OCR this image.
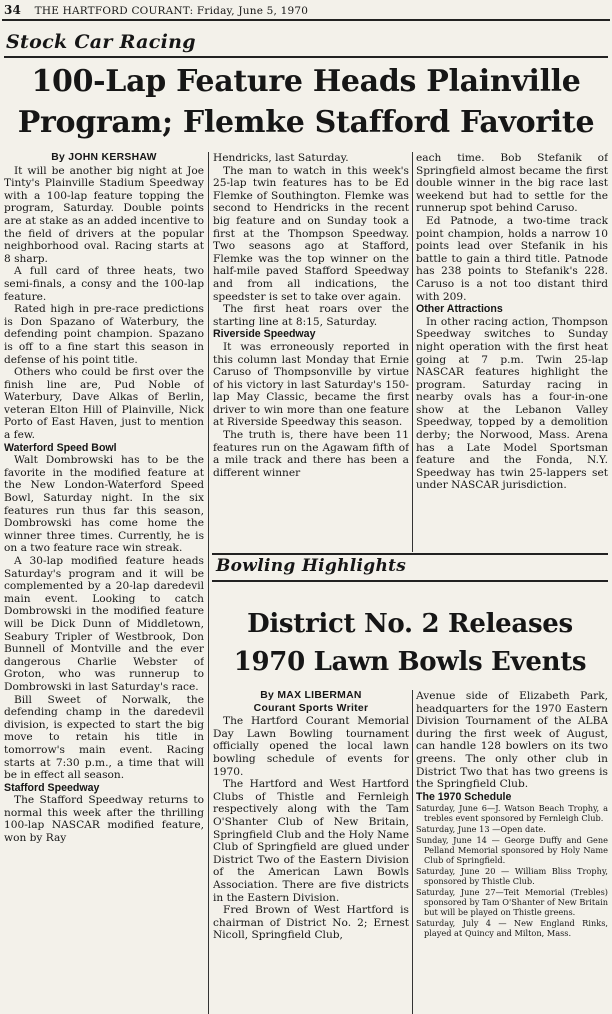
34 THE HARTFORD COURANT: Friday, June 5, 1970
Stock Car Racing
100-Lap Feature Heads Plainville
Program; Flemke Stafford Favorite

By JOHN KERSHAW

It will be another big night at Joe Tinty's Plainville Stadium Speedway with a 100-lap feature topping the program, Saturday. Double points are at stake as an added incentive to the field of drivers at the popular neighborhood oval. Racing starts at 8 sharp.

A full card of three heats, two semi-finals, a consy and the 100-lap feature.

Rated high in pre-race predictions is Don Spazano of Waterbury, the defending point champion. Spazano is off to a fine start this season in defense of his point title.

Others who could be first over the finish line are, Pud Noble of Waterbury, Dave Alkas of Berlin, veteran Elton Hill of Plainville, Nick Porto of East Haven, just to mention a few.

Waterford Speed Bowl

Walt Dombrowski has to be the favorite in the modified feature at the New London-Waterford Speed Bowl, Saturday night. In the six features run thus far this season, Dombrowski has come home the winner three times. Currently, he is on a two feature race win streak.

A 30-lap modified feature heads Saturday's program and it will be complemented by a 20-lap daredevil main event. Looking to catch Dombrowski in the modified feature will be Dick Dunn of Middletown, Seabury Tripler of Westbrook, Don Bunnell of Montville and the ever dangerous Charlie Webster of Groton, who was runnerup to Dombrowski in last Saturday's race.

Bill Sweet of Norwalk, the defending champ in the daredevil division, is expected to start the big move to retain his title in tomorrow's main event. Racing starts at 7:30 p.m., a time that will be in effect all season.

Stafford Speedway

The Stafford Speedway returns to normal this week after the thrilling 100-lap NASCAR modified feature, won by Ray

Hendricks, last Saturday.

The man to watch in this week's 25-lap twin features has to be Ed Flemke of Southington. Flemke was second to Hendricks in the recent big feature and on Sunday took a first at the Thompson Speedway. Two seasons ago at Stafford, Flemke was the top winner on the half-mile paved Stafford Speedway and from all indications, the speedster is set to take over again.

The first heat roars over the starting line at 8:15, Saturday.

Riverside Speedway

It was erroneously reported in this column last Monday that Ernie Caruso of Thompsonville by virtue of his victory in last Saturday's 150-lap May Classic, became the first driver to win more than one feature at Riverside Speedway this season.

The truth is, there have been 11 features run on the Agawam fifth of a mile track and there has been a different winner

each time. Bob Stefanik of Springfield almost became the first double winner in the big race last weekend but had to settle for the runnerup spot behind Caruso.

Ed Patnode, a two-time track point champion, holds a narrow 10 points lead over Stefanik in his battle to gain a third title. Patnode has 238 points to Stefanik's 228. Caruso is a not too distant third with 209.

Other Attractions

In other racing action, Thompson Speedway switches to Sunday night operation with the first heat going at 7 p.m. Twin 25-lap NASCAR features highlight the program. Saturday racing in nearby ovals has a four-in-one show at the Lebanon Valley Speedway, topped by a demolition derby; the Norwood, Mass. Arena has a Late Model Sportsman feature and the Fonda, N.Y. Speedway has twin 25-lappers set under NASCAR jurisdiction.

Bowling Highlights
District No. 2 Releases
1970 Lawn Bowls Events

By MAX LIBERMAN

Courant Sports Writer

The Hartford Courant Memorial Day Lawn Bowling tournament officially opened the local lawn bowling schedule of events for 1970.

The Hartford and West Hartford Clubs of Thistle and Fernleigh respectively along with the Tam O'Shanter Club of New Britain, Springfield Club and the Holy Name Club of Springfield are glued under District Two of the Eastern Division of the American Lawn Bowls Association. There are five districts in the Eastern Division.

Fred Brown of West Hartford is chairman of District No. 2; Ernest Nicoll, Springfield Club,

Avenue side of Elizabeth Park, headquarters for the 1970 Eastern Division Tournament of the ALBA during the first week of August, can handle 128 bowlers on its two greens. The only other club in District Two that has two greens is the Springfield Club.

The 1970 Schedule

Saturday, June 6—J. Watson Beach Trophy, a trebles event sponsored by Fernleigh Club.

Saturday, June 13 —Open date.

Sunday, June 14 — George Duffy and Gene Pelland Memorial sponsored by Holy Name Club of Springfield.

Saturday, June 20 — William Bliss Trophy, sponsored by Thistle Club.

Saturday, June 27—Teit Memorial (Trebles) sponsored by Tam O'Shanter of New Britain but will be played on Thistle greens.

Saturday, July 4 — New England Rinks, played at Quincy and Milton, Mass.
